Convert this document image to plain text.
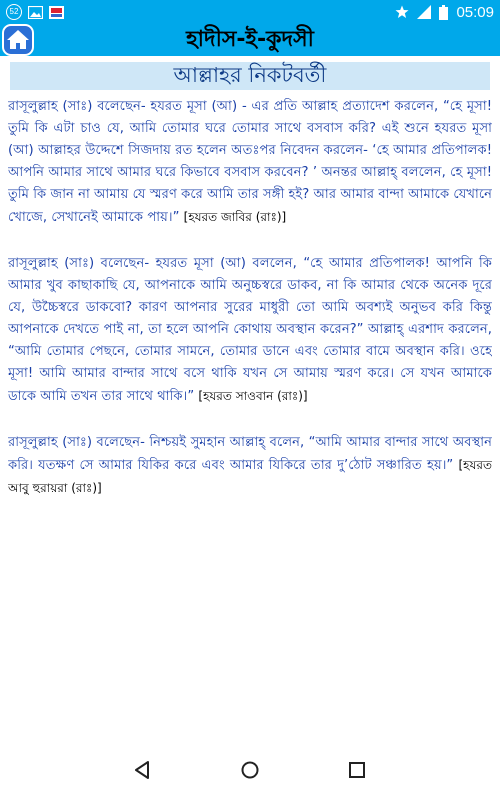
52	05:09
হাদীস-ই-কুদসী
আল্লাহর নিকটবর্তী

রাসূলুল্লাহ (সাঃ) বলেছেন- হযরত মূসা (আ) - এর প্রতি আল্লাহ প্রত্যাদেশ করলেন, “হে মূসা! তুমি কি এটা চাও যে, আমি তোমার ঘরে তোমার সাথে বসবাস করি? এই শুনে হযরত মূসা (আ) আল্লাহর উদ্দেশে সিজদায় রত হলেন অতঃপর নিবেদন করলেন- ‘হে আমার প্রতিপালক! আপনি আমার সাথে আমার ঘরে কিভাবে বসবাস করবেন? ’ অনন্তর আল্লাহ্ বললেন, হে মূসা! তুমি কি জান না আমায় যে স্মরণ করে আমি তার সঙ্গী হই? আর আমার বান্দা আমাকে যেখানে খোজে, সেখানেই আমাকে পায়।” [হযরত জাবির (রাঃ)]

রাসূলুল্লাহ (সাঃ) বলেছেন- হযরত মূসা (আ) বললেন, “হে আমার প্রতিপালক! আপনি কি আমার খুব কাছাকাছি যে, আপনাকে আমি অনুচ্চস্বরে ডাকব, না কি আমার থেকে অনেক দূরে যে, উচ্চৈস্বরে ডাকবো? কারণ আপনার সুরের মাধুরী তো আমি অবশ্যই অনুভব করি কিন্তু আপনাকে দেখতে পাই না, তা হলে আপনি কোথায় অবস্থান করেন?” আল্লাহ্ এরশাদ করলেন, “আমি তোমার পেছনে, তোমার সামনে, তোমার ডানে এবং তোমার বামে অবস্থান করি। ওহে মূসা! আমি আমার বান্দার সাথে বসে থাকি যখন সে আমায় স্মরণ করে। সে যখন আমাকে ডাকে আমি তখন তার সাথে থাকি।” [হযরত সাওবান (রাঃ)]

রাসূলুল্লাহ (সাঃ) বলেছেন- নিশ্চয়ই সুমহান আল্লাহ্ বলেন, “আমি আমার বান্দার সাথে অবস্থান করি। যতক্ষণ সে আমার যিকির করে এবং আমার যিকিরে তার দু’ঠোট সঞ্চারিত হয়।” [হযরত আবু হুরায়রা (রাঃ)]
